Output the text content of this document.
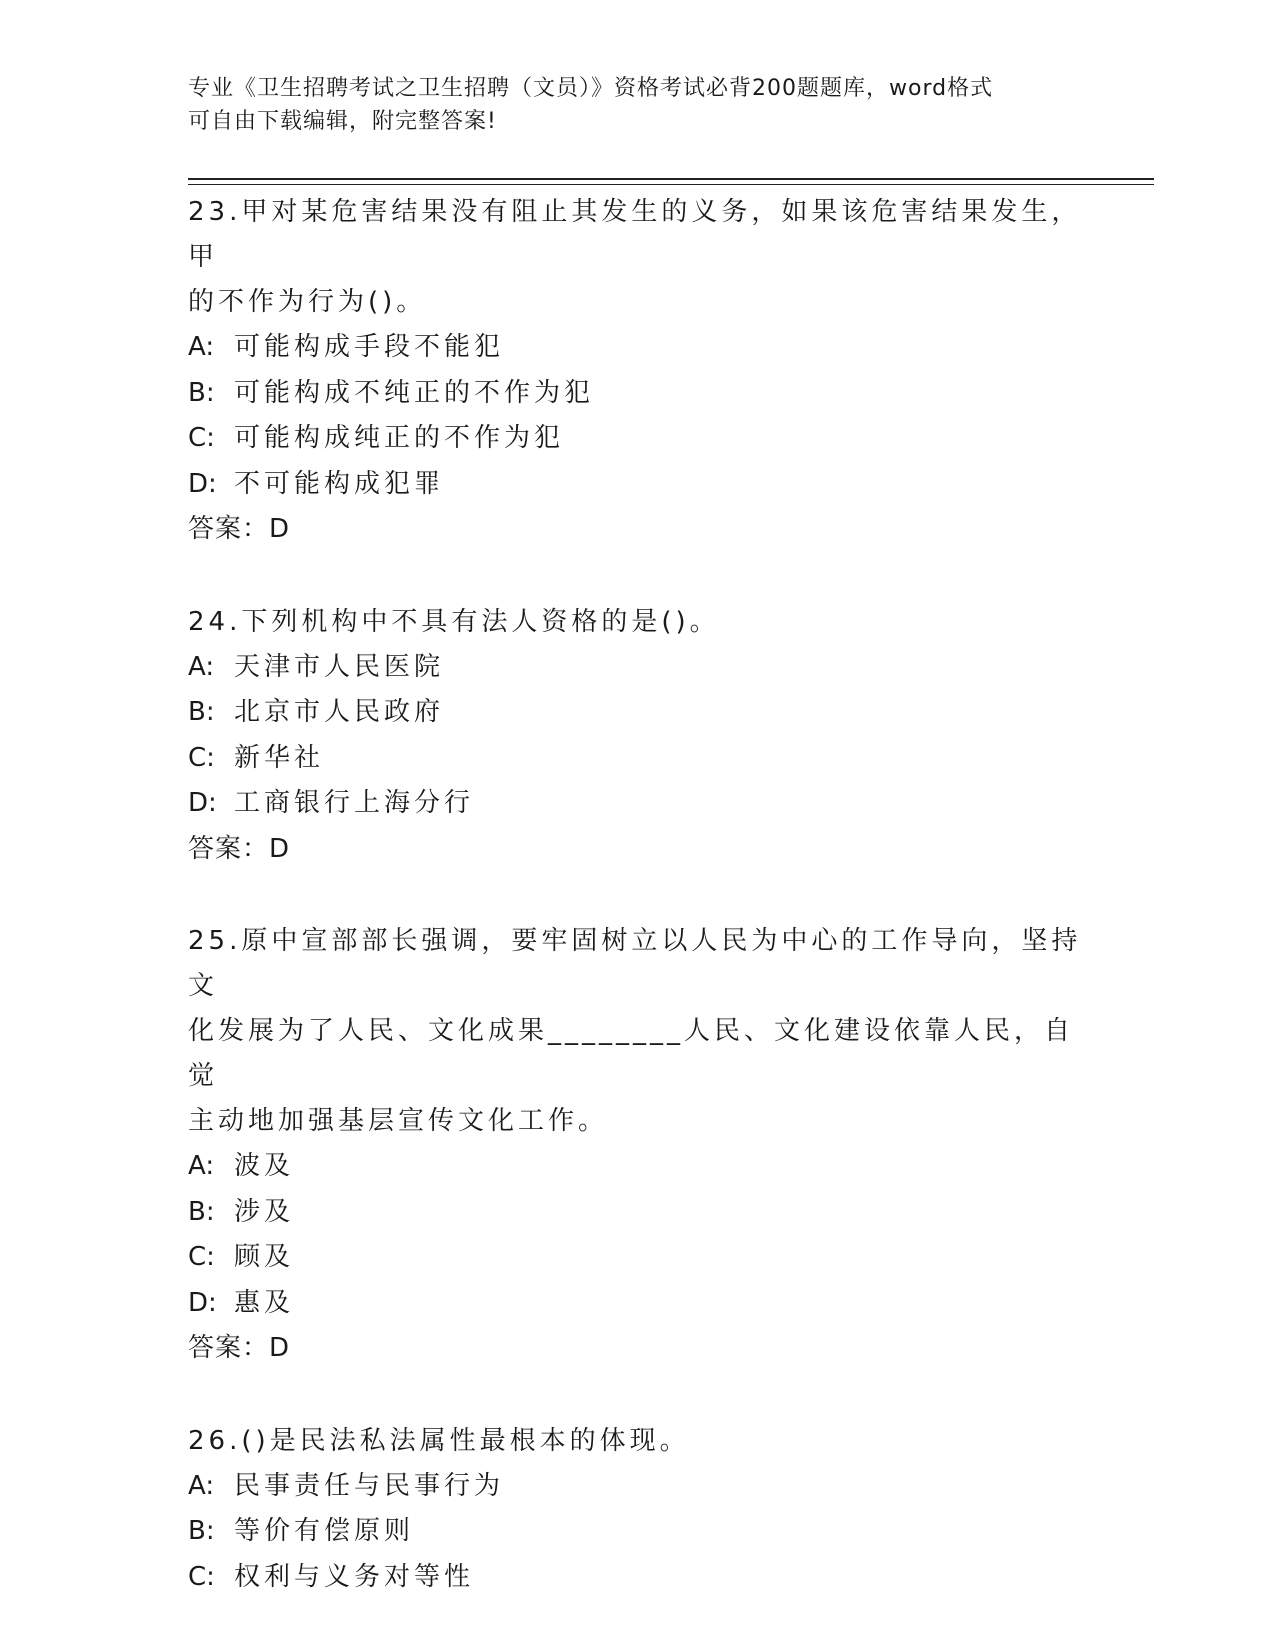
专业《卫生招聘考试之卫生招聘（文员）》资格考试必背200题题库，word格式
可自由下载编辑，附完整答案!
23.甲对某危害结果没有阻止其发生的义务，如果该危害结果发生，甲
的不作为行为()。
A: 可能构成手段不能犯
B: 可能构成不纯正的不作为犯
C: 可能构成纯正的不作为犯
D: 不可能构成犯罪
答案：D
24.下列机构中不具有法人资格的是()。
A: 天津市人民医院
B: 北京市人民政府
C: 新华社
D: 工商银行上海分行
答案：D
25.原中宣部部长强调，要牢固树立以人民为中心的工作导向，坚持文
化发展为了人民、文化成果________人民、文化建设依靠人民，自觉
主动地加强基层宣传文化工作。
A: 波及
B: 涉及
C: 顾及
D: 惠及
答案：D
26.()是民法私法属性最根本的体现。
A: 民事责任与民事行为
B: 等价有偿原则
C: 权利与义务对等性
